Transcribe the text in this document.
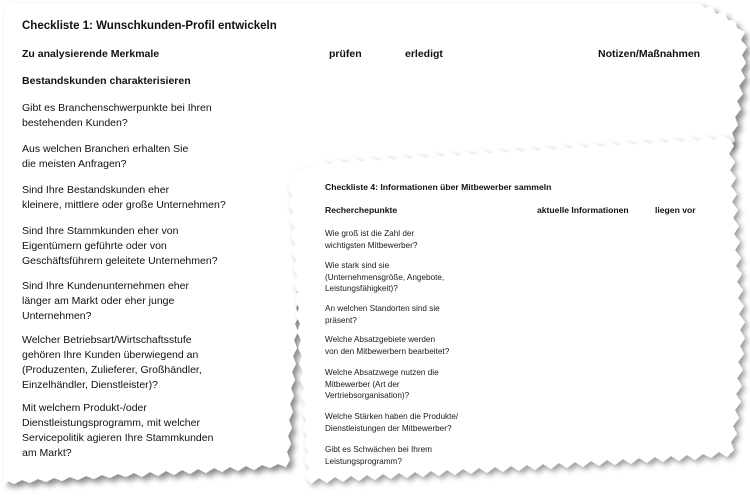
Checkliste 1: Wunschkunden-Profil entwickeln
Zu analysierende Merkmale	prüfen	erledigt	Notizen/Maßnahmen
Bestandskunden charakterisieren
Gibt es Branchenschwerpunkte bei Ihren
bestehenden Kunden?
Aus welchen Branchen erhalten Sie
die meisten Anfragen?
Sind Ihre Bestandskunden eher
kleinere, mittlere oder große Unternehmen?
Sind Ihre Stammkunden eher von
Eigentümern geführte oder von
Geschäftsführern geleitete Unternehmen?
Sind Ihre Kundenunternehmen eher
länger am Markt oder eher junge
Unternehmen?
Welcher Betriebsart/Wirtschaftsstufe
gehören Ihre Kunden überwiegend an
(Produzenten, Zulieferer, Großhändler,
Einzelhändler, Dienstleister)?
Mit welchem Produkt-/oder
Dienstleistungsprogramm, mit welcher
Servicepolitik agieren Ihre Stammkunden
am Markt?
Checkliste 4: Informationen über Mitbewerber sammeln
Recherchepunkte	aktuelle Informationen	liegen vor
Wie groß ist die Zahl der
wichtigsten Mitbewerber?
Wie stark sind sie
(Unternehmensgröße, Angebote,
Leistungsfähigkeit)?
An welchen Standorten sind sie
präsent?
Welche Absatzgebiete werden
von den Mitbewerbern bearbeitet?
Welche Absatzwege nutzen die
Mitbewerber (Art der
Vertriebsorganisation)?
Welche Stärken haben die Produkte/
Dienstleistungen der Mitbewerber?
Gibt es Schwächen bei Ihrem
Leistungsprogramm?
